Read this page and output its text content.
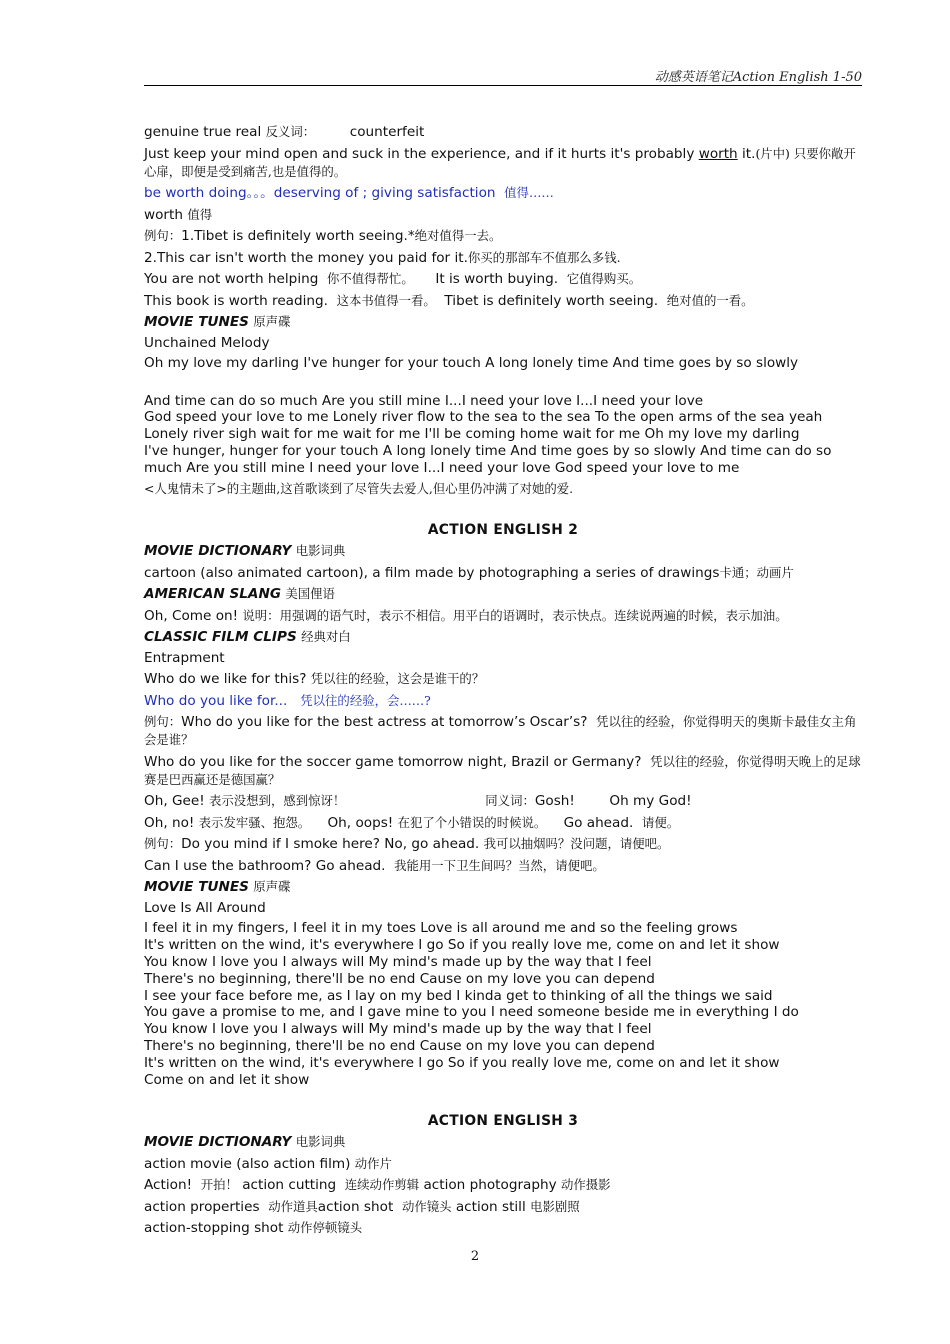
动感英语笔记Action English 1-50

genuine true real 反义词：	counterfeit

Just keep your mind open and suck in the experience, and if it hurts it's probably worth it.(片中) 只要你敞开心扉，即便是受到痛苦,也是值得的。

be worth doing。。。deserving of ; giving satisfaction 值得……

worth 值得

例句：1.Tibet is definitely worth seeing.*绝对值得一去。

2.This car isn't worth the money you paid for it.你买的那部车不值那么多钱.

You are not worth helping 你不值得帮忙。 It is worth buying. 它值得购买。

This book is worth reading. 这本书值得一看。 Tibet is definitely worth seeing. 绝对值的一看。

MOVIE TUNES 原声碟

Unchained Melody

Oh my love my darling I've hunger for your touch A long lonely time And time goes by so slowly

And time can do so much Are you still mine I...I need your love I...I need your love
God speed your love to me Lonely river flow to the sea to the sea To the open arms of the sea yeah
Lonely river sigh wait for me wait for me I'll be coming home wait for me Oh my love my darling
I've hunger, hunger for your touch A long lonely time And time goes by so slowly And time can do so much Are you still mine I need your love I...I need your love God speed your love to me

<人鬼情未了>的主题曲,这首歌谈到了尽管失去爱人,但心里仍冲满了对她的爱.

ACTION ENGLISH 2

MOVIE DICTIONARY 电影词典

cartoon (also animated cartoon), a film made by photographing a series of drawings卡通；动画片

AMERICAN SLANG 美国俚语

Oh, Come on! 说明：用强调的语气时，表示不相信。用平白的语调时，表示快点。连续说两遍的时候，表示加油。

CLASSIC FILM CLIPS 经典对白

Entrapment

Who do we like for this? 凭以往的经验，这会是谁干的？

Who do you like for... 凭以往的经验，会……?

例句：Who do you like for the best actress at tomorrow’s Oscar’s? 凭以往的经验，你觉得明天的奥斯卡最佳女主角会是谁？

Who do you like for the soccer game tomorrow night, Brazil or Germany? 凭以往的经验，你觉得明天晚上的足球赛是巴西赢还是德国赢？

Oh, Gee! 表示没想到，感到惊讶！	同义词：Gosh!        Oh my God!

Oh, no! 表示发牢骚、抱怨。 Oh, oops! 在犯了个小错误的时候说。 Go ahead. 请便。

例句：Do you mind if I smoke here? No, go ahead. 我可以抽烟吗？没问题，请便吧。

Can I use the bathroom? Go ahead. 我能用一下卫生间吗？当然，请便吧。

MOVIE TUNES 原声碟

Love Is All Around

I feel it in my fingers, I feel it in my toes Love is all around me and so the feeling grows
It's written on the wind, it's everywhere I go So if you really love me, come on and let it show
You know I love you I always will My mind's made up by the way that I feel
There's no beginning, there'll be no end Cause on my love you can depend
I see your face before me, as I lay on my bed I kinda get to thinking of all the things we said
You gave a promise to me, and I gave mine to you I need someone beside me in everything I do
You know I love you I always will My mind's made up by the way that I feel
There's no beginning, there'll be no end Cause on my love you can depend
It's written on the wind, it's everywhere I go So if you really love me, come on and let it show
Come on and let it show

ACTION ENGLISH 3

MOVIE DICTIONARY 电影词典

action movie (also action film) 动作片

Action! 开拍！ action cutting 连续动作剪辑 action photography 动作摄影

action properties 动作道具action shot 动作镜头 action still 电影剧照

action-stopping shot 动作停顿镜头

2
